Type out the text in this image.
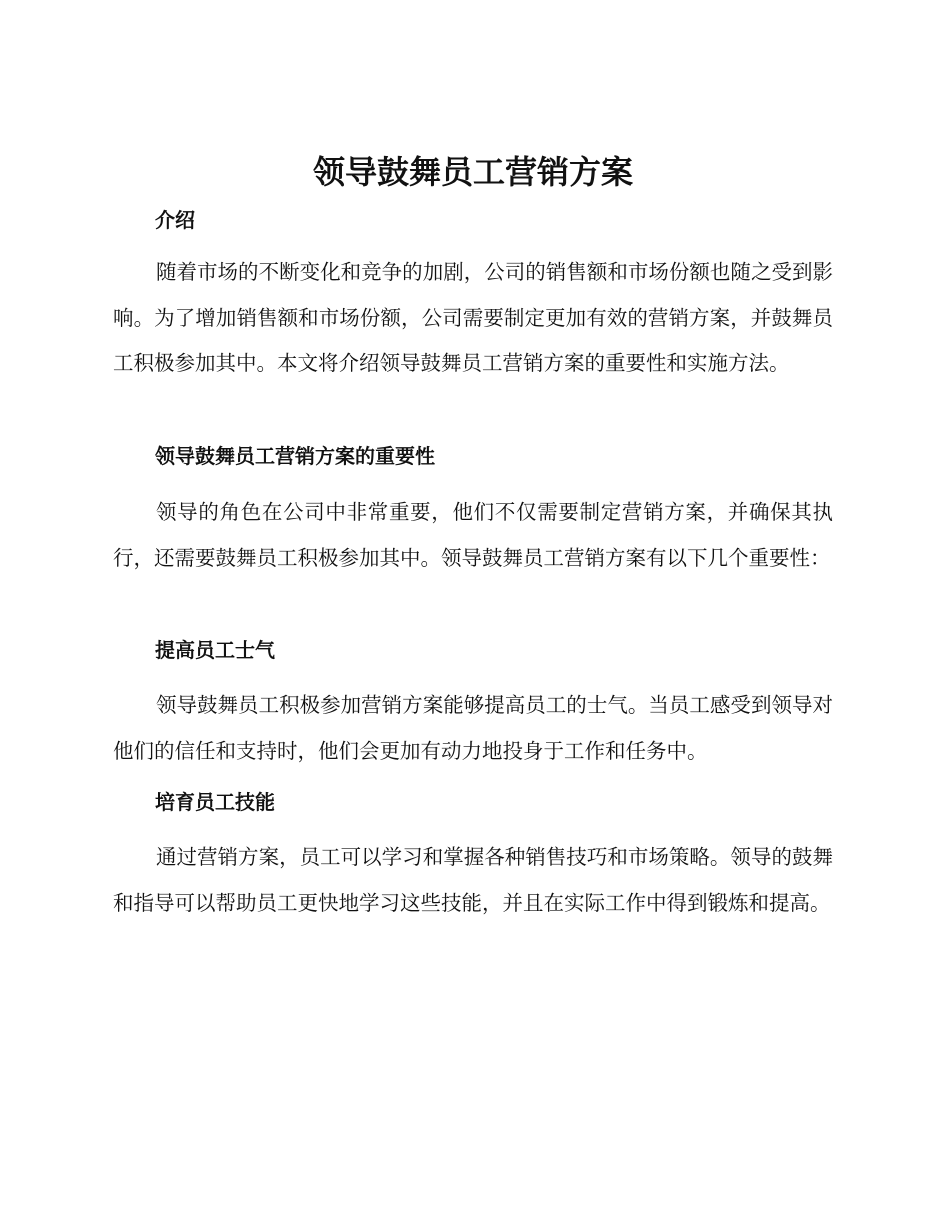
领导鼓舞员工营销方案
介绍

随着市场的不断变化和竞争的加剧，公司的销售额和市场份额也随之受到影响。为了增加销售额和市场份额，公司需要制定更加有效的营销方案，并鼓舞员工积极参加其中。本文将介绍领导鼓舞员工营销方案的重要性和实施方法。

领导鼓舞员工营销方案的重要性

领导的角色在公司中非常重要，他们不仅需要制定营销方案，并确保其执行，还需要鼓舞员工积极参加其中。领导鼓舞员工营销方案有以下几个重要性：

提高员工士气

领导鼓舞员工积极参加营销方案能够提高员工的士气。当员工感受到领导对他们的信任和支持时，他们会更加有动力地投身于工作和任务中。

培育员工技能

通过营销方案，员工可以学习和掌握各种销售技巧和市场策略。领导的鼓舞和指导可以帮助员工更快地学习这些技能，并且在实际工作中得到锻炼和提高。
